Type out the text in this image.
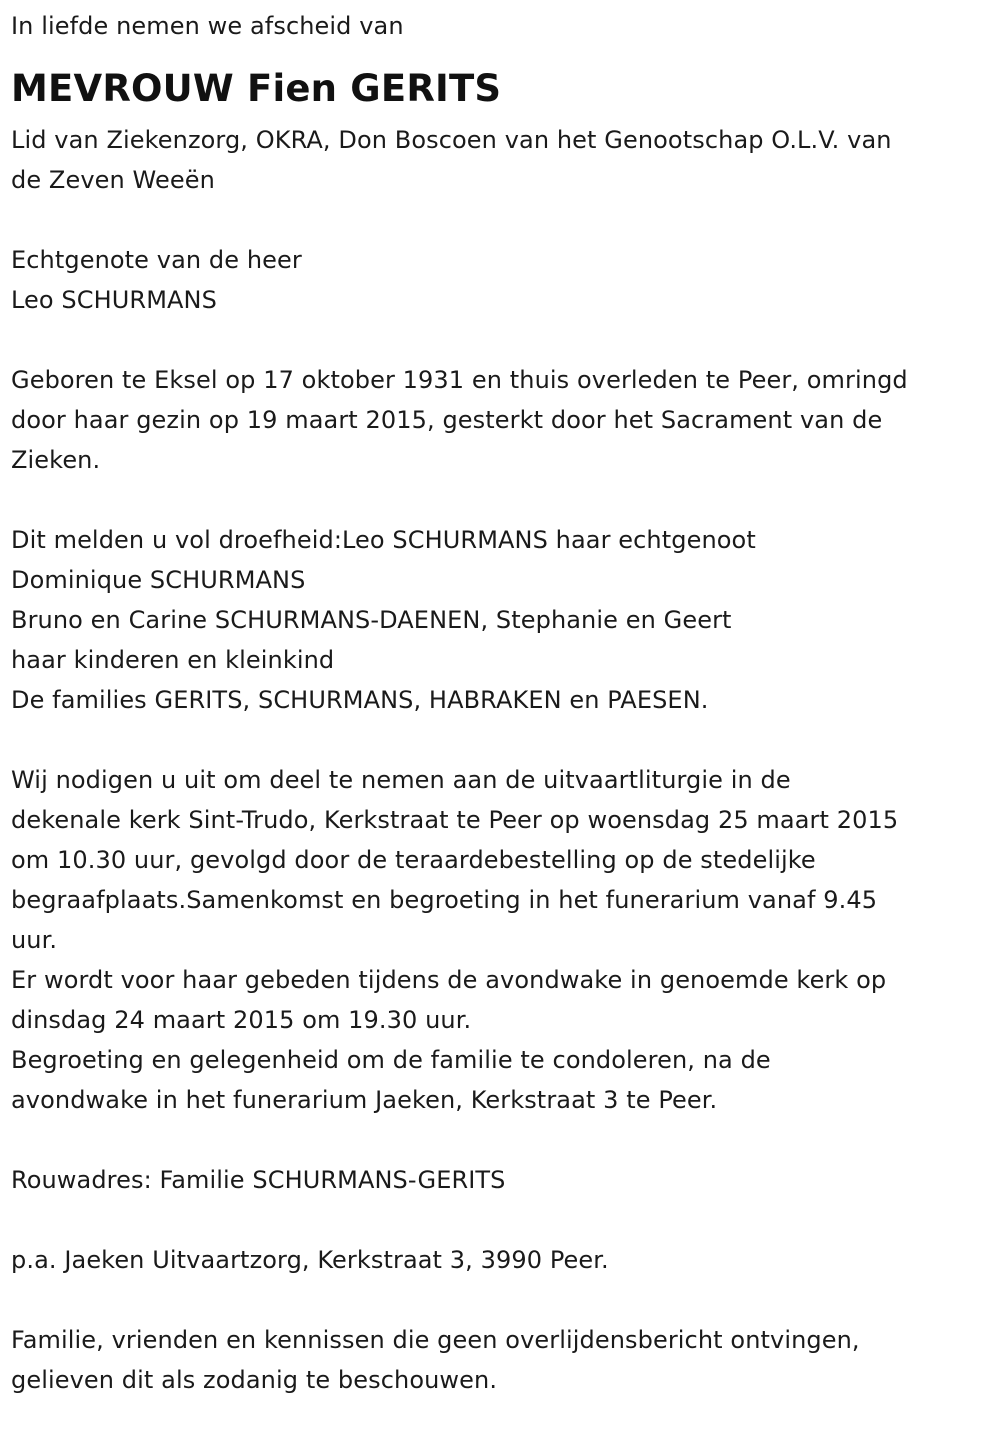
In liefde nemen we afscheid van
MEVROUW Fien GERITS
Lid van Ziekenzorg, OKRA, Don Boscoen van het Genootschap O.L.V. van
de Zeven Weeën
Echtgenote van de heer
Leo SCHURMANS
Geboren te Eksel op 17 oktober 1931 en thuis overleden te Peer, omringd
door haar gezin op 19 maart 2015, gesterkt door het Sacrament van de
Zieken.
Dit melden u vol droefheid:Leo SCHURMANS haar echtgenoot
Dominique SCHURMANS
Bruno en Carine SCHURMANS-DAENEN, Stephanie en Geert
haar kinderen en kleinkind
De families GERITS, SCHURMANS, HABRAKEN en PAESEN.
Wij nodigen u uit om deel te nemen aan de uitvaartliturgie in de
dekenale kerk Sint-Trudo, Kerkstraat te Peer op woensdag 25 maart 2015
om 10.30 uur, gevolgd door de teraardebestelling op de stedelijke
begraafplaats.Samenkomst en begroeting in het funerarium vanaf 9.45
uur.
Er wordt voor haar gebeden tijdens de avondwake in genoemde kerk op
dinsdag 24 maart 2015 om 19.30 uur.
Begroeting en gelegenheid om de familie te condoleren, na de
avondwake in het funerarium Jaeken, Kerkstraat 3 te Peer.
Rouwadres: Familie SCHURMANS-GERITS
p.a. Jaeken Uitvaartzorg, Kerkstraat 3, 3990 Peer.
Familie, vrienden en kennissen die geen overlijdensbericht ontvingen,
gelieven dit als zodanig te beschouwen.
